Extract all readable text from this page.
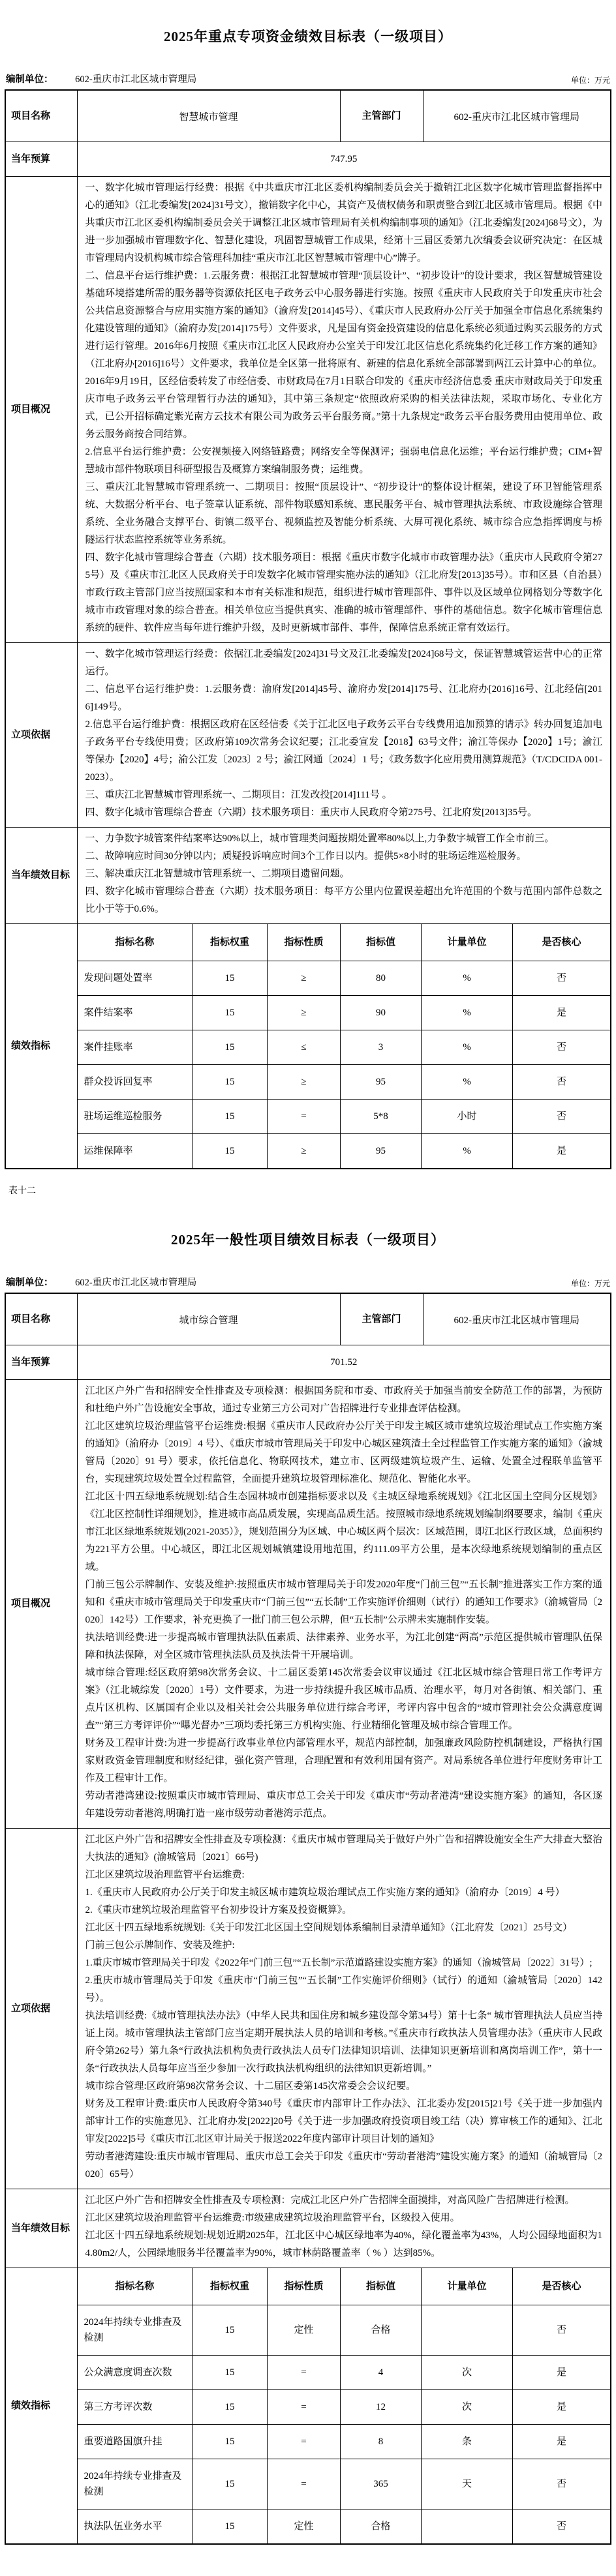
2025年重点专项资金绩效目标表（一级项目）
编制单位： 602-重庆市江北区城市管理局	单位：万元
项目名称	智慧城市管理	主管部门	602-重庆市江北区城市管理局
当年预算	747.95
项目概况	
一、数字化城市管理运行经费：根据《中共重庆市江北区委机构编制委员会关于撤销江北区数字化城市管理监督指挥中心的通知》（江北委编发[2024]31号文），撤销数字化中心，其资产及债权债务和职责整合到江北区城市管理局。根据《中共重庆市江北区委机构编制委员会关于调整江北区城市管理局有关机构编制事项的通知》（江北委编发[2024]68号文），为进一步加强城市管理数字化、智慧化建设，巩固智慧城管工作成果，经第十三届区委第九次编委会议研究决定：在区城市管理局内设机构城市综合管理科加挂“重庆市江北区智慧城市管理中心”牌子。
二、信息平台运行维护费：1.云服务费：根据江北智慧城市管理“顶层设计”、“初步设计”的设计要求，我区智慧城管建设基础环境搭建所需的服务器等资源依托区电子政务云中心服务器进行实施。按照《重庆市人民政府关于印发重庆市社会公共信息资源整合与应用实施方案的通知》（渝府发[2014]45号）、《重庆市人民政府办公厅关于加强全市信息化系统集约化建设管理的通知》（渝府办发[2014]175号）文件要求，凡是国有资金投资建设的信息化系统必须通过购买云服务的方式进行运行管理。2016年6月按照《重庆市江北区人民政府办公室关于印发江北区信息化系统集约化迁移工作方案的通知》（江北府办[2016]16号）文件要求，我单位是全区第一批将原有、新建的信息化系统全部部署到两江云计算中心的单位。2016年9月19日，区经信委转发了市经信委、市财政局在7月1日联合印发的《重庆市经济信息委 重庆市财政局关于印发重庆市电子政务云平台管理暂行办法的通知》，其中第三条规定“依照政府采购的相关法律法规，采取市场化、专业化方式，已公开招标确定紫光南方云技术有限公司为政务云平台服务商。”第十九条规定“政务云平台服务费用由使用单位、政务云服务商按合同结算。
2.信息平台运行维护费：公安视频接入网络链路费；网络安全等保测评；强弱电信息化运维；平台运行维护费；CIM+智慧城市部件物联项目科研型报告及概算方案编制服务费；运维费。
三、重庆江北智慧城市管理系统一、二期项目：按照“顶层设计”、“初步设计”的整体设计框架，建设了环卫智能管理系统、大数据分析平台、电子签章认证系统、部件物联感知系统、惠民服务平台、城市管理执法系统、市政设施综合管理系统、全业务融合支撑平台、街镇二级平台、视频监控及智能分析系统、大屏可视化系统、城市综合应急指挥调度与桥隧运行状态监控系统等业务系统。
四、数字化城市管理综合普查（六期）技术服务项目：根据《重庆市数字化城市市政管理办法》（重庆市人民政府令第275号）及《重庆市江北区人民政府关于印发数字化城市管理实施办法的通知》（江北府发[2013]35号）。市和区县（自治县）市政行政主管部门应当按照国家和本市有关标准和规范，组织进行城市管理部件、事件以及区域单位网格划分等数字化城市市政管理对象的综合普查。相关单位应当提供真实、准确的城市管理部件、事件的基础信息。数字化城市管理信息系统的硬件、软件应当每年进行维护升级，及时更新城市部件、事件，保障信息系统正常有效运行。

立项依据	
一、数字化城市管理运行经费：依据江北委编发[2024]31号文及江北委编发[2024]68号文，保证智慧城管运营中心的正常运行。
二、信息平台运行维护费：1.云服务费：渝府发[2014]45号、渝府办发[2014]175号、江北府办[2016]16号、江北经信[2016]149号。
2.信息平台运行维护费：根据区政府在区经信委《关于江北区电子政务云平台专线费用追加预算的请示》转办回复追加电子政务平台专线使用费；区政府第109次常务会议纪要；江北委宣发【2018】63号文件；渝江等保办【2020】1号；渝江等保办【2020】4号；渝公江发〔2023〕2 号；渝江网通〔2024〕1 号；《政务数字化应用费用测算规范》（T/CDCIDA 001-2023）。
三、重庆江北智慧城市管理系统一、二期项目：江发改投[2014]111号 。
四、数字化城市管理综合普查（六期）技术服务项目：重庆市人民政府令第275号、江北府发[2013]35号。

当年绩效目标	
一、力争数字城管案件结案率达90%以上，城市管理类问题按期处置率80%以上,力争数字城管工作全市前三。
二、故障响应时间30分钟以内；质疑投诉响应时间3个工作日以内。提供5×8小时的驻场运维巡检服务。
三、解决重庆江北智慧城市管理系统一、二期项目遗留问题。
四、数字化城市管理综合普查（六期）技术服务项目：每平方公里内位置误差超出允许范围的个数与范围内部件总数之比小于等于0.6%。

绩效指标	
指标名称	指标权重	指标性质	指标值	计量单位	是否核心
发现问题处置率	15	≥	80	%	否
案件结案率	15	≥	90	%	是
案件挂账率	15	≤	3	%	否
群众投诉回复率	15	≥	95	%	否
驻场运维巡检服务	15	=	5*8	小时	否
运维保障率	15	≥	95	%	是
表十二
2025年一般性项目绩效目标表（一级项目）
编制单位： 602-重庆市江北区城市管理局	单位：万元
项目名称	城市综合管理	主管部门	602-重庆市江北区城市管理局
当年预算	701.52
项目概况	
江北区户外广告和招牌安全性排查及专项检测：根据国务院和市委、市政府关于加强当前安全防范工作的部署，为预防和杜绝户外广告设施安全事故，通过专业第三方公司对广告招牌进行专业排查评估检测。
江北区建筑垃圾治理监管平台运维费:根据《重庆市人民政府办公厅关于印发主城区城市建筑垃圾治理试点工作实施方案的通知》（渝府办〔2019〕4 号）、《重庆市城市管理局关于印发中心城区建筑渣土全过程监管工作实施方案的通知》（渝城管局〔2020〕91 号）要求，依托信息化、物联网技术，建立市、区两级建筑垃圾产生、运输、处置全过程联单监管平台，实现建筑垃圾处置全过程监管，全面提升建筑垃圾管理标准化、规范化、智能化水平。
江北区十四五绿地系统规划:结合生态园林城市创建指标要求以及《主城区绿地系统规划》《江北区国土空间分区规划》《江北区控制性详细规划》，推进城市高品质发展，实现高品质生活。按照城市绿地系统规划编制纲要要求，编制《重庆市江北区绿地系统规划(2021-2035）》，规划范围分为区域、中心城区两个层次：区域范围，即江北区行政区域，总面积约为221平方公里。中心城区，即江北区规划城镇建设用地范围，约111.09平方公里，是本次绿地系统规划编制的重点区域。
门前三包公示牌制作、安装及维护:按照重庆市城市管理局关于印发2020年度“门前三包”“五长制”推进落实工作方案的通知和《重庆市城市管理局关于印发重庆市“门前三包”“五长制”工作实施评价细则（试行）的通知工作要求》（渝城管局〔2020〕142号）工作要求，补充更换了一批门前三包公示牌，但“五长制”公示牌未实施制作安装。
执法培训经费:进一步提高城市管理执法队伍素质、法律素养、业务水平，为江北创建“两高”示范区提供城市管理队伍保障和执法保障，对全区城市管理执法队员及执法骨干开展培训。
城市综合管理:经区政府第98次常务会议、十二届区委第145次常委会议审议通过《江北区城市综合管理日常工作考评方案》（江北城综发〔2020〕1号）文件要求，为进一步持续提升我区城市品质、治理水平，每月对各街镇、相关部门、重点片区机构、区属国有企业以及相关社会公共服务单位进行综合考评，考评内容中包含的“城市管理社会公众满意度调查”“第三方考评评价”“曝光督办”三项均委托第三方机构实施、行业精细化管理及城市综合管理工作。
财务及工程审计费:为进一步提高行政事业单位内部管理水平，规范内部控制，加强廉政风险防控机制建设，严格执行国家财政资金管理制度和财经纪律，强化资产管理，合理配置和有效利用国有资产。对局系统各单位进行年度财务审计工作及工程审计工作。
劳动者港湾建设:按照重庆市城市管理局、重庆市总工会关于印发《重庆市“劳动者港湾”建设实施方案》的通知，各区逐年建设劳动者港湾,明确打造一座市级劳动者港湾示范点。

立项依据	
江北区户外广告和招牌安全性排查及专项检测：《重庆市城市管理局关于做好户外广告和招牌设施安全生产大排查大整治大执法的通知》(渝城管局〔2021〕66号)
江北区建筑垃圾治理监管平台运维费:
1.《重庆市人民政府办公厅关于印发主城区城市建筑垃圾治理试点工作实施方案的通知》（渝府办〔2019〕4 号）
2.《重庆市建筑垃圾治理监管平台初步设计方案及投资概算》。
江北区十四五绿地系统规划:《关于印发江北区国土空间规划体系编制目录清单通知》（江北府发〔2021〕25号文）
门前三包公示牌制作、安装及维护:
1.重庆市城市管理局关于印发《2022年“门前三包”“五长制”示范道路建设实施方案》的通知（渝城管局〔2022〕31号）;
2.重庆市城市管理局关于印发《重庆市“门前三包”“五长制”工作实施评价细则》（试行）的通知（渝城管局〔2020〕142号）。
执法培训经费:《城市管理执法办法》（中华人民共和国住房和城乡建设部令第34号）第十七条“ 城市管理执法人员应当持证上岗。城市管理执法主管部门应当定期开展执法人员的培训和考核。”《重庆市行政执法人员管理办法》（重庆市人民政府令第262号）第九条“行政执法机构负责行政执法人员专门法律知识培训、法律知识更新培训和离岗培训工作”，第十一条“行政执法人员每年应当至少参加一次行政执法机构组织的法律知识更新培训。”
城市综合管理:区政府第98次常务会议、十二届区委第145次常委会会议纪要。
财务及工程审计费:重庆市人民政府令第340号《重庆市内部审计工作办法》、江北委办发[2015]21号《关于进一步加强内部审计工作的实施意见》、江北府办发[2022]20号《关于进一步加强政府投资项目竣工结（决）算审核工作的通知》、江北审发[2022]5号《重庆市江北区审计局关于报送2022年度内部审计项目计划的通知》
劳动者港湾建设:重庆市城市管理局、重庆市总工会关于印发《重庆市“劳动者港湾”建设实施方案》的通知（渝城管局〔2020〕65号）

当年绩效目标	
江北区户外广告和招牌安全性排查及专项检测：完成江北区户外广告招牌全面摸排，对高风险广告招牌进行检测。
江北区建筑垃圾治理监管平台运维费:市级建成建筑垃圾治理监管平台，区级投入使用。
江北区十四五绿地系统规划:规划近期2025年，江北区中心城区绿地率为40%，绿化覆盖率为43%，人均公园绿地面积为14.80m2/人，公园绿地服务半径覆盖率为90%，城市林荫路覆盖率（ % ）达到85%。

绩效指标	
指标名称	指标权重	指标性质	指标值	计量单位	是否核心
2024年持续专业排查及检测	15	定性	合格		否
公众满意度调查次数	15	=	4	次	是
第三方考评次数	15	=	12	次	是
重要道路国旗升挂	15	=	8	条	是
2024年持续专业排查及检测	15	=	365	天	否
执法队伍业务水平	15	定性	合格		否
